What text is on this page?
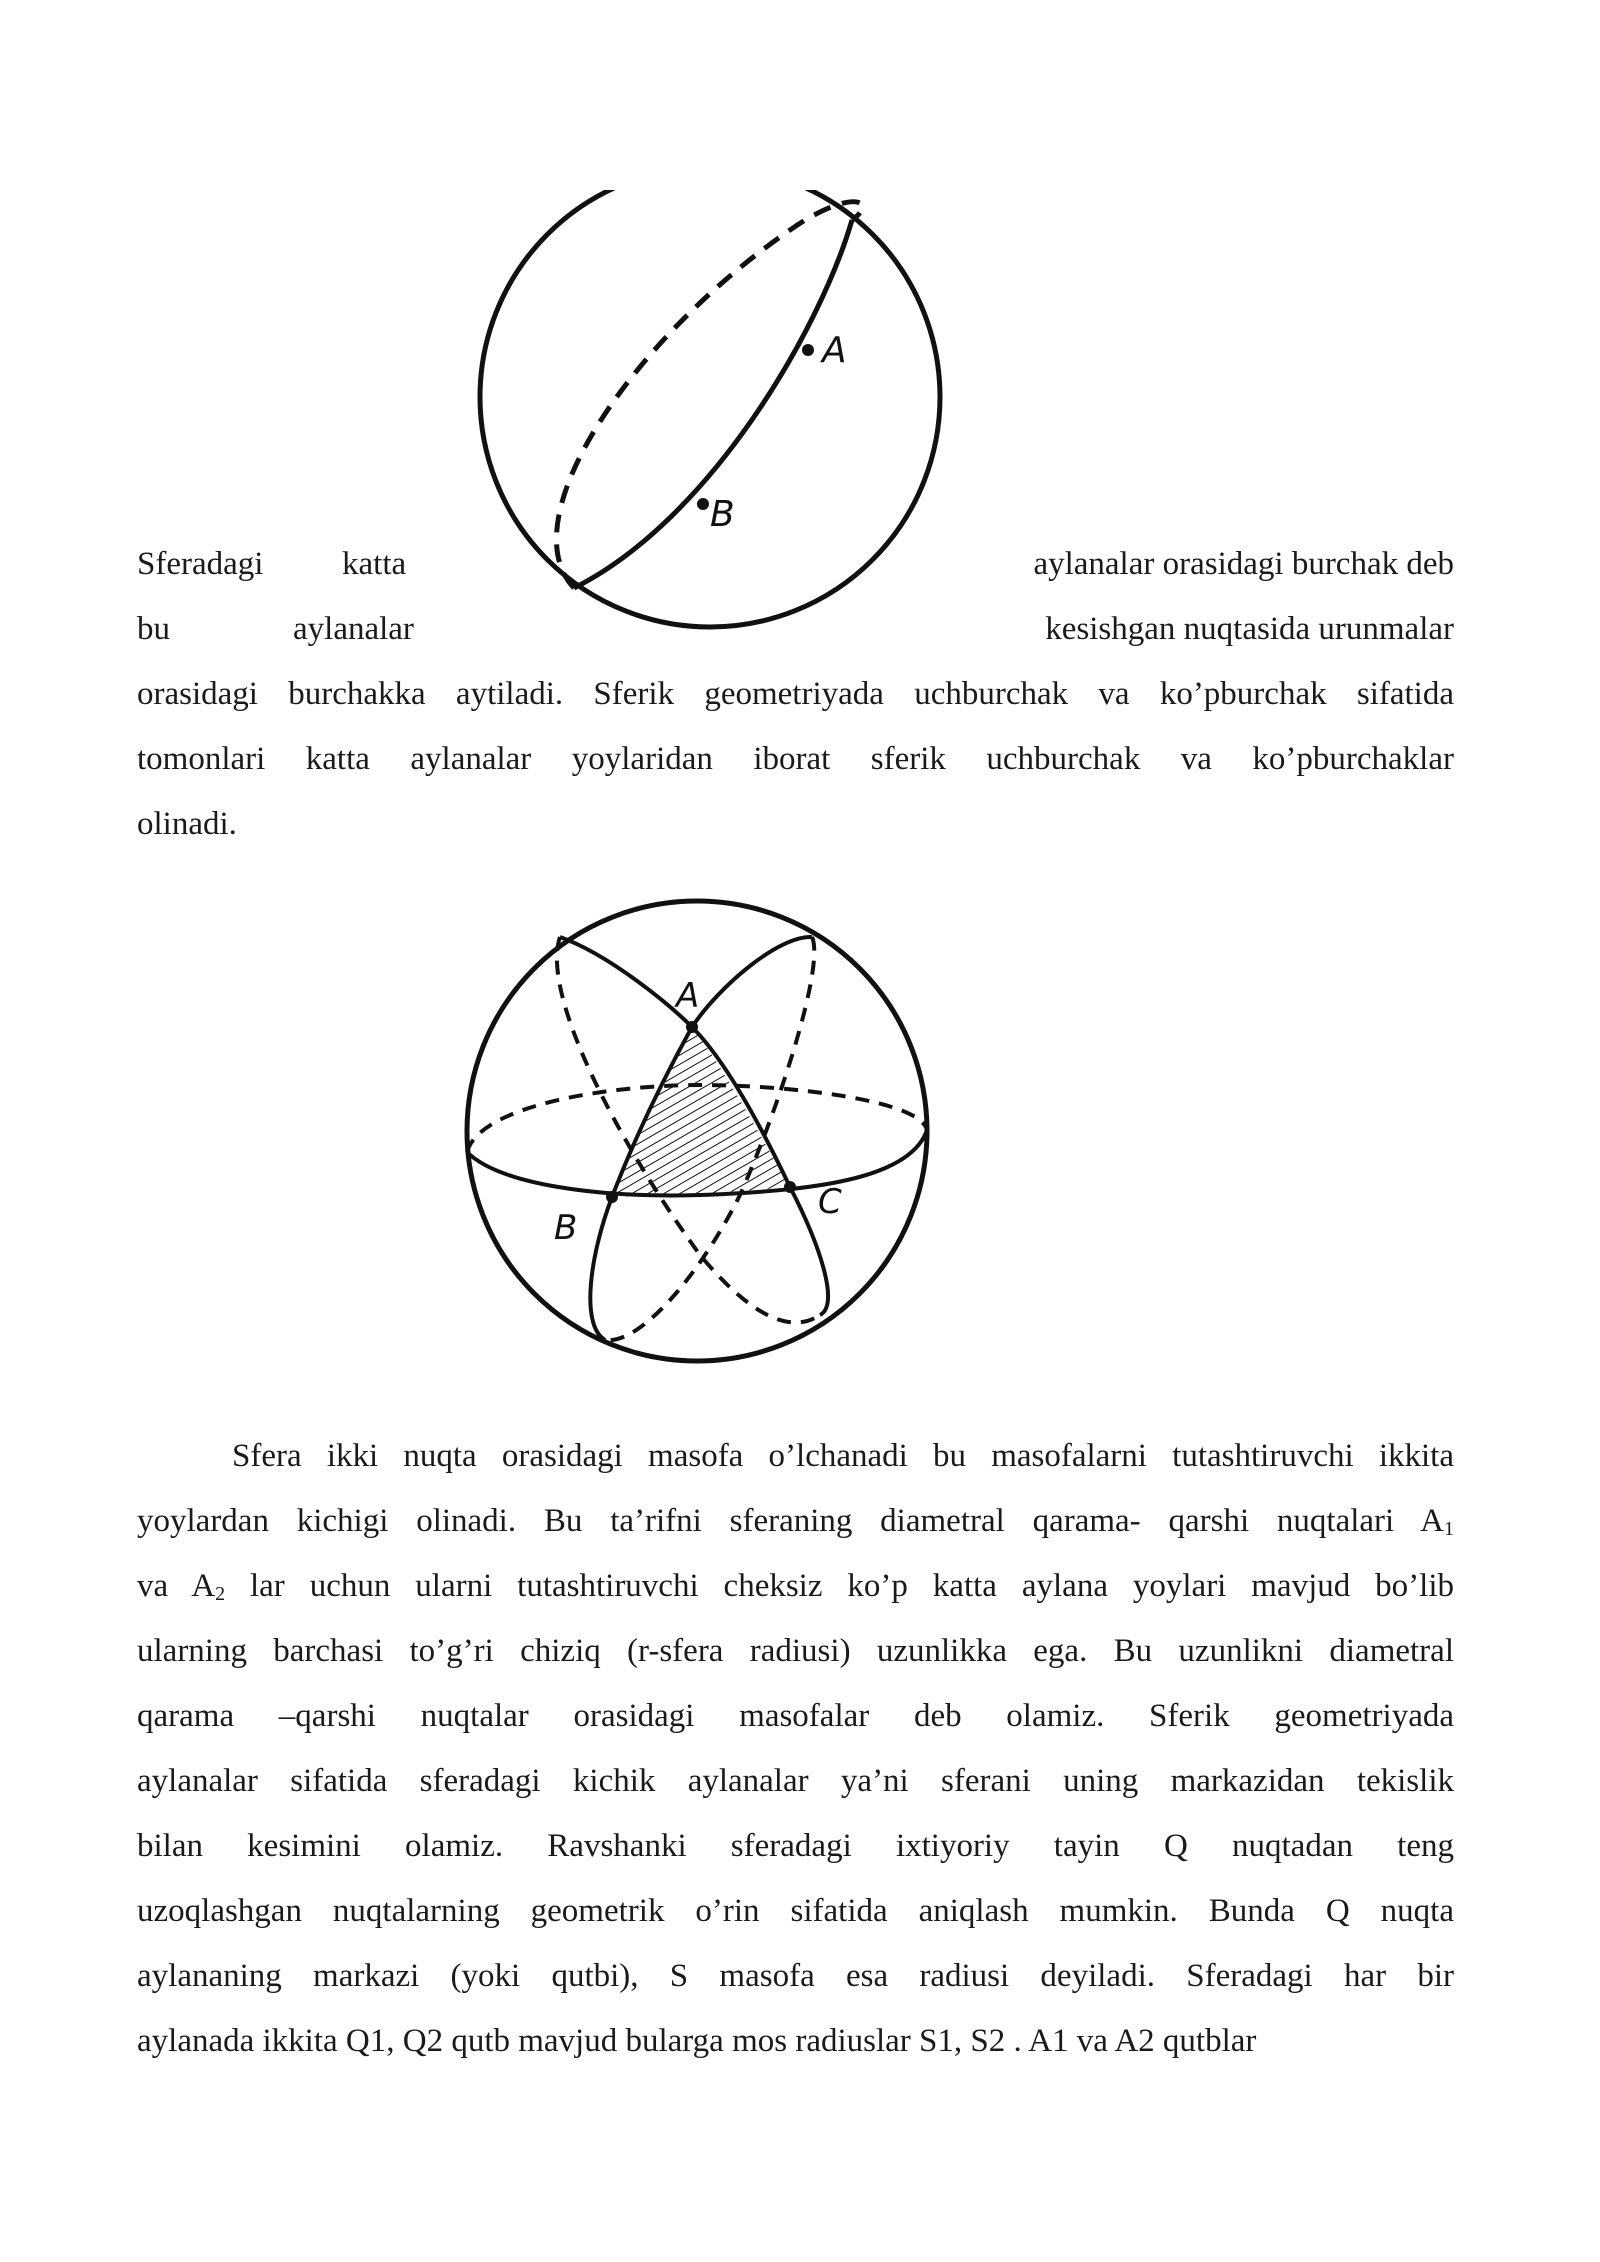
A
B
Sferadagi katta	aylanalar orasidagi burchak deb
bu	aylanalar	kesishgan nuqtasida urunmalar
orasidagi burchakka aytiladi. Sferik geometriyada uchburchak va ko’pburchak sifatida
tomonlari katta aylanalar yoylaridan iborat sferik uchburchak va ko’pburchaklar
olinadi.
A
B
C
Sfera ikki nuqta orasidagi masofa o’lchanadi bu masofalarni tutashtiruvchi ikkita
yoylardan kichigi olinadi. Bu ta’rifni sferaning diametral qarama- qarshi nuqtalari $A_1$
va $A_2$ lar uchun ularni tutashtiruvchi cheksiz ko’p katta aylana yoylari mavjud bo’lib
ularning barchasi to’g’ri chiziq (r-sfera radiusi) uzunlikka ega. Bu uzunlikni diametral
qarama –qarshi nuqtalar orasidagi masofalar deb olamiz. Sferik geometriyada
aylanalar sifatida sferadagi kichik aylanalar ya’ni sferani uning markazidan tekislik
bilan kesimini olamiz. Ravshanki sferadagi ixtiyoriy tayin Q nuqtadan teng
uzoqlashgan nuqtalarning geometrik o’rin sifatida aniqlash mumkin. Bunda Q nuqta
aylananing markazi (yoki qutbi), S masofa esa radiusi deyiladi. Sferadagi har bir
aylanada ikkita Q1, Q2 qutb mavjud bularga mos radiuslar S1, S2 . A1 va A2 qutblar
